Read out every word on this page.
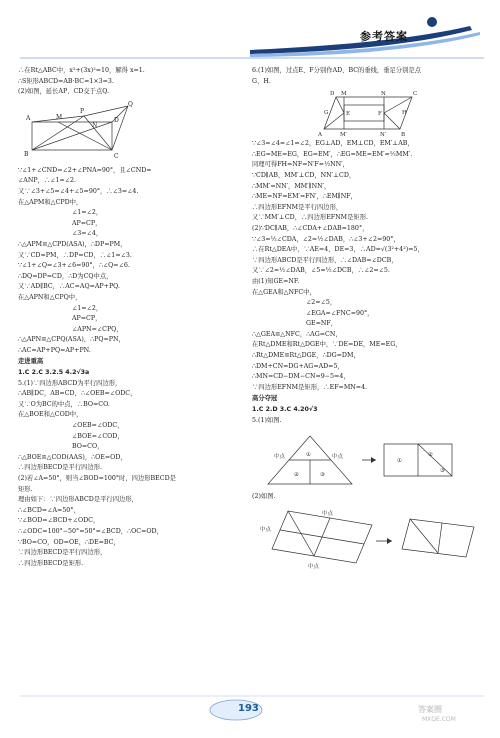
参考答案
∴在Rt△ABC中，x²+(3x)²=10，解得 x=1.
∴S矩形ABCD=AB·BC=1×3=3.
(2)如图，延长AP、CD交于点Q.
B
A
P
Q
D
N
C
M
∵∠1+∠CND=∠2+∠PNA=90°，且∠CND=
∠ANP，∴∠1=∠2.
又∵∠3+∠5=∠4+∠5=90°，∴∠3=∠4.
在△APM和△CPD中，
∠1=∠2，
AP=CP，
∠3=∠4，
∴△APM≌△CPD(ASA)，∴DP=PM，
又∵CD=PM，∴DP=CD，∴∠1=∠3.
∵∠1+∠Q=∠3+∠6=90°，∴∠Q=∠6.
∴DQ=DP=CD，∴D为CQ中点，
又∵AD∥BC，∴AC=AQ=AP+PQ.
在△APN和△CPQ中，
∠1=∠2，
AP=CP，
∠APN=∠CPQ，
∴△APN≌△CPQ(ASA)，∴PQ=PN，
∴AC=AP+PQ=AP+PN.
走进重高
1.C 2.C 3.2.5 4.2√3a
5.(1)∵四边形ABCD为平行四边形，
∴AB∥DC，AB=CD，∴∠OEB=∠ODC，
又∵O为BC的中点，∴BO=CO.
在△BOE和△COD中，
∠OEB=∠ODC，
∠BOE=∠COD，
BO=CO，
∴△BOE≌△COD(AAS)，∴OE=OD，
∴四边形BECD是平行四边形.
(2)若∠A=50°，则当∠BOD=100°时，四边形BECD是
矩形.
理由如下：∵四边形ABCD是平行四边形，
∴∠BCD=∠A=50°，
∵∠BOD=∠BCD+∠ODC，
∴∠ODC=100°−50°=50°=∠BCD，∴OC=OD，
∵BO=CO，OD=OE，∴DE=BC，
∵四边形BECD是平行四边形，
∴四边形BECD是矩形.
6.(1)如图，过点E、F分别作AD、BC的垂线，垂足分别是点
G、H.
D M	N	C
G	E	F	H
A	M′	N′	B
∵∠3=∠4=∠1=∠2，EG⊥AD，EM⊥CD，EM′⊥AB，
∴EG=ME=EG，EG=EM′，∴EG=ME=EM′=½MM′.
同理可得FH=NF=N′F=½NN′，
∵CD∥AB，MM′⊥CD，NN′⊥CD，
∴MM′=NN′，MM′∥NN′，
∴ME=NF=EM′=FN′，∴EM∥NF，
∴四边形EFNM是平行四边形，
又∵MM′⊥CD，∴四边形EFNM是矩形.
(2)∵DC∥AB，∴∠CDA+∠DAB=180°，
∵∠3=½∠CDA，∠2=½∠DAB，∴∠3+∠2=90°，
∴在Rt△DEA中，∵AE=4，DE=3，∴AD=√(3²+4²)=5，
∵四边形ABCD是平行四边形，∴∠DAB=∠DCB，
又∵∠2=½∠DAB，∠5=½∠DCB，∴∠2=∠5.
由(1)知GE=NF.
在△GEA和△NFC中，
∠2=∠5，
∠EGA=∠FNC=90°，
GE=NF，
∴△GEA≌△NFC，∴AG=CN，
在Rt△DME和Rt△DGE中，∵DE=DE，ME=EG，
∴Rt△DME≌Rt△DGE，∴DG=DM，
∴DM+CN=DG+AG=AD=5，
∴MN=CD−DM−CN=9−5=4，
∵四边形EFNM是矩形，∴EF=MN=4.
高分夺冠
1.C 2.D 3.C 4.20√3
5.(1)如图.
中点	中点
①
②	③
①
②
③
(2)如图.
中点
中点
中点
193	答案圈
MXQE.COM
